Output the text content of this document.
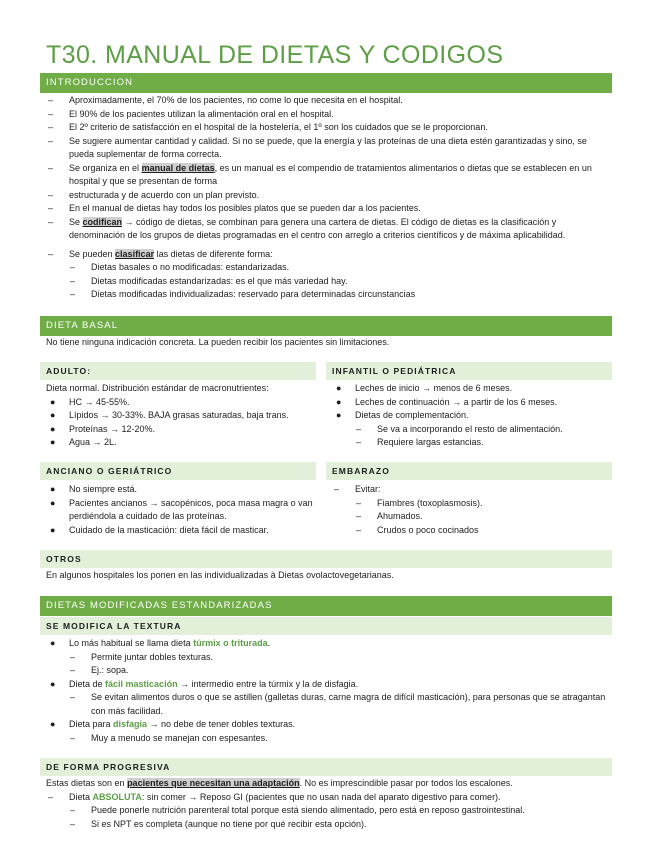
T30. MANUAL DE DIETAS Y CODIGOS
INTRODUCCION
– Aproximadamente, el 70% de los pacientes, no come lo que necesita en el hospital.
– El 90% de los pacientes utilizan la alimentación oral en el hospital.
– El 2º criterio de satisfacción en el hospital de la hostelería, el 1º son los cuidados que se le proporcionan.
– Se sugiere aumentar cantidad y calidad. Si no se puede, que la energía y las proteínas de una dieta estén garantizadas y sino, se pueda suplementar de forma correcta.
– Se organiza en el manual de dietas, es un manual es el compendio de tratamientos alimentarios o dietas que se establecen en un hospital y que se presentan de forma
– estructurada y de acuerdo con un plan previsto.
– En el manual de dietas hay todos los posibles platos que se pueden dar a los pacientes.
– Se codifican → código de dietas, se combinan para genera una cartera de dietas. El código de dietas es la clasificación y denominación de los grupos de dietas programadas en el centro con arreglo a criterios científicos y de máxima aplicabilidad.
– Se pueden clasificar las dietas de diferente forma:
– Dietas basales o no modificadas: estandarizadas.
– Dietas modificadas estandarizadas: es el que más variedad hay.
– Dietas modificadas individualizadas: reservado para determinadas circunstancias
DIETA BASAL
No tiene ninguna indicación concreta. La pueden recibir los pacientes sin limitaciones.
ADULTO:
Dieta normal. Distribución estándar de macronutrientes:
● HC → 45-55%.
● Lípidos → 30-33%. BAJA grasas saturadas, baja trans.
● Proteínas → 12-20%.
● Agua → 2L.
INFANTIL O PEDIÁTRICA
● Leches de inicio → menos de 6 meses.
● Leches de continuación → a partir de los 6 meses.
● Dietas de complementación.
– Se va a incorporando el resto de alimentación.
– Requiere largas estancias.
ANCIANO O GERIÁTRICO
● No siempre está.
● Pacientes ancianos → sacopénicos, poca masa magra o van perdiéndola a cuidado de las proteínas.
● Cuidado de la masticación: dieta fácil de masticar.
EMBARAZO
– Evitar:
– Fiambres (toxoplasmosis).
– Ahumados.
– Crudos o poco cocinados
OTROS
En algunos hospitales los ponen en las individualizadas à Dietas ovolactovegetarianas.
DIETAS MODIFICADAS ESTANDARIZADAS
SE MODIFICA LA TEXTURA
● Lo más habitual se llama dieta túrmix o triturada.
– Permite juntar dobles texturas.
– Ej.: sopa.
● Dieta de fácil masticación → intermedio entre la túrmix y la de disfagia.
– Se evitan alimentos duros o que se astillen (galletas duras, carne magra de difícil masticación), para personas que se atragantan con más facilidad.
● Dieta para disfagia → no debe de tener dobles texturas.
– Muy a menudo se manejan con espesantes.
DE FORMA PROGRESIVA
Estas dietas son en pacientes que necesitan una adaptación. No es imprescindible pasar por todos los escalones.
– Dieta ABSOLUTA: sin comer → Reposo GI (pacientes que no usan nada del aparato digestivo para comer).
– Puede ponerle nutrición parenteral total porque está siendo alimentado, pero está en reposo gastrointestinal.
– Si es NPT es completa (aunque no tiene por qué recibir esta opción).
